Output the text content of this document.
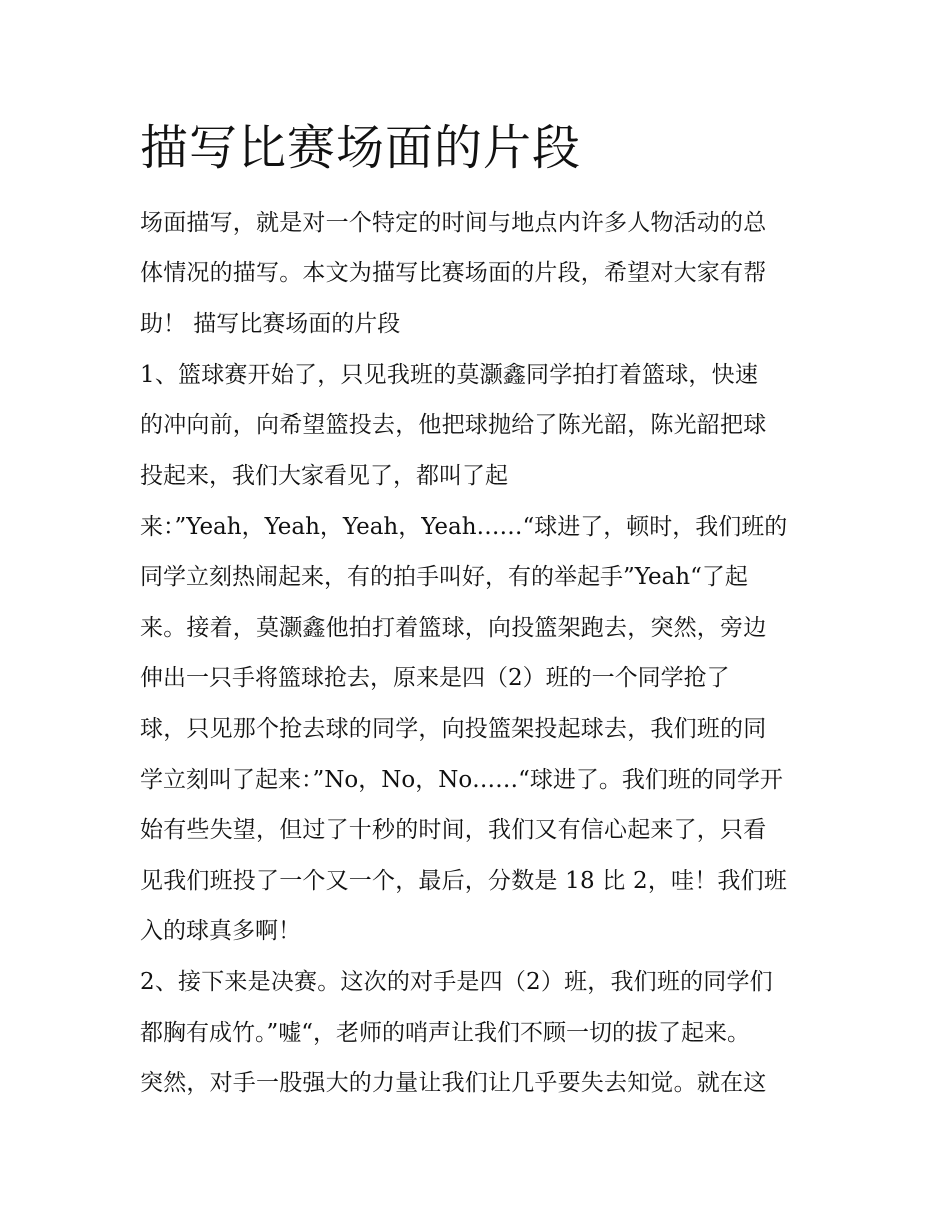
描写比赛场面的片段

场面描写，就是对一个特定的时间与地点内许多人物活动的总

体情况的描写。本文为描写比赛场面的片段，希望对大家有帮

助！ 描写比赛场面的片段

1、篮球赛开始了，只见我班的莫灏鑫同学拍打着篮球，快速

的冲向前，向希望篮投去，他把球抛给了陈光韶，陈光韶把球

投起来，我们大家看见了，都叫了起

来：”Yeah，Yeah，Yeah，Yeah……“球进了，顿时，我们班的

同学立刻热闹起来，有的拍手叫好，有的举起手”Yeah“了起

来。接着，莫灏鑫他拍打着篮球，向投篮架跑去，突然，旁边

伸出一只手将篮球抢去，原来是四（2）班的一个同学抢了

球，只见那个抢去球的同学，向投篮架投起球去，我们班的同

学立刻叫了起来：”No，No，No……“球进了。我们班的同学开

始有些失望，但过了十秒的时间，我们又有信心起来了，只看

见我们班投了一个又一个，最后，分数是 18 比 2，哇！我们班

入的球真多啊！

2、接下来是决赛。这次的对手是四（2）班，我们班的同学们

都胸有成竹。”嘘“，老师的哨声让我们不顾一切的拔了起来。

突然，对手一股强大的力量让我们让几乎要失去知觉。就在这
